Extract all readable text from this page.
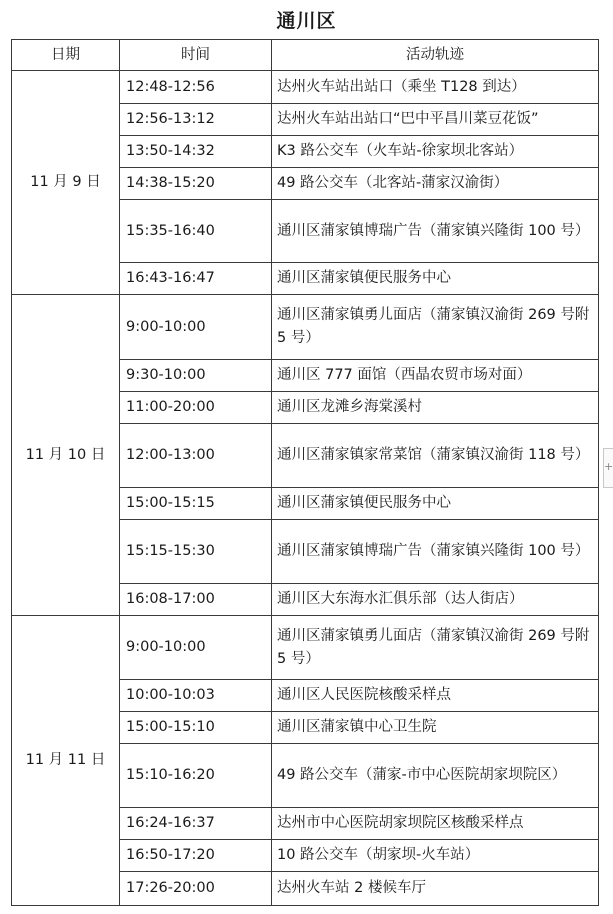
通川区
日期	时间	活动轨迹
11 月 9 日	12:48-12:56	达州火车站出站口（乘坐 T128 到达）
	12:56-13:12	达州火车站出站口“巴中平昌川菜豆花饭”
	13:50-14:32	K3 路公交车（火车站-徐家坝北客站）
	14:38-15:20	49 路公交车（北客站-蒲家汉渝街）
	15:35-16:40	通川区蒲家镇博瑞广告（蒲家镇兴隆街 100 号）
	16:43-16:47	通川区蒲家镇便民服务中心
11 月 10 日	9:00-10:00	通川区蒲家镇勇儿面店（蒲家镇汉渝街 269 号附 5 号）
	9:30-10:00	通川区 777 面馆（西晶农贸市场对面）
	11:00-20:00	通川区龙滩乡海棠溪村
	12:00-13:00	通川区蒲家镇家常菜馆（蒲家镇汉渝街 118 号）
	15:00-15:15	通川区蒲家镇便民服务中心
	15:15-15:30	通川区蒲家镇博瑞广告（蒲家镇兴隆街 100 号）
	16:08-17:00	通川区大东海水汇俱乐部（达人街店）
11 月 11 日	9:00-10:00	通川区蒲家镇勇儿面店（蒲家镇汉渝街 269 号附 5 号）
	10:00-10:03	通川区人民医院核酸采样点
	15:00-15:10	通川区蒲家镇中心卫生院
	15:10-16:20	49 路公交车（蒲家-市中心医院胡家坝院区）
	16:24-16:37	达州市中心医院胡家坝院区核酸采样点
	16:50-17:20	10 路公交车（胡家坝-火车站）
	17:26-20:00	达州火车站 2 楼候车厅
+
